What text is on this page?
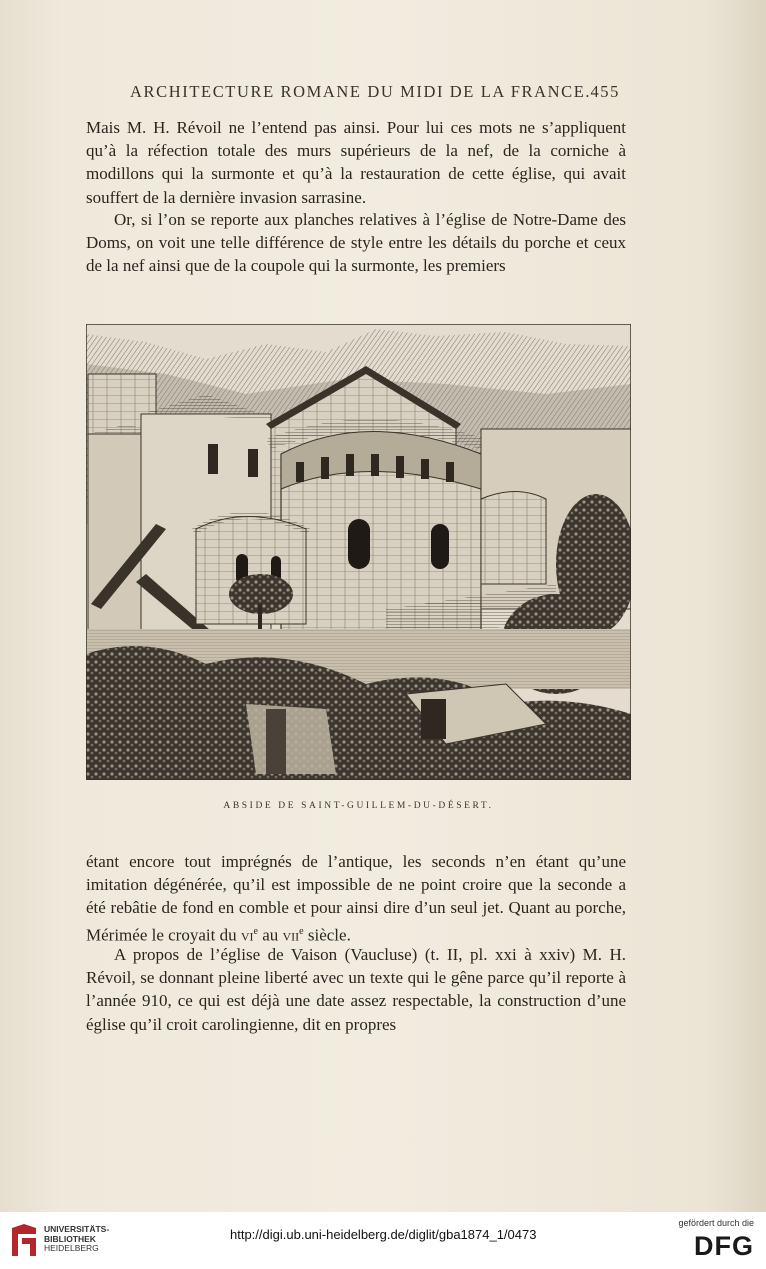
ARCHITECTURE ROMANE DU MIDI DE LA FRANCE. 455

Mais M. H. Révoil ne l’entend pas ainsi. Pour lui ces mots ne s’appliquent qu’à la réfection totale des murs supérieurs de la nef, de la corniche à modillons qui la surmonte et qu’à la restauration de cette église, qui avait souffert de la dernière invasion sarrasine.

Or, si l’on se reporte aux planches relatives à l’église de Notre-Dame des Doms, on voit une telle différence de style entre les détails du porche et ceux de la nef ainsi que de la coupole qui la surmonte, les premiers

ABSIDE DE SAINT-GUILLEM-DU-DÉSERT.

étant encore tout imprégnés de l’antique, les seconds n’en étant qu’une imitation dégénérée, qu’il est impossible de ne point croire que la seconde a été rebâtie de fond en comble et pour ainsi dire d’un seul jet. Quant au porche, Mérimée le croyait du $vi^e$ au vii$^e$ siècle.

A propos de l’église de Vaison (Vaucluse) (t. II, pl. xxi à xxiv) M. H. Révoil, se donnant pleine liberté avec un texte qui le gêne parce qu’il reporte à l’année 910, ce qui est déjà une date assez respectable, la construction d’une église qu’il croit carolingienne, dit en propres

UNIVERSITÄTS-
BIBLIOTHEK
HEIDELBERG
http://digi.ub.uni-heidelberg.de/diglit/gba1874_1/0473
gefördert durch die
DFG
